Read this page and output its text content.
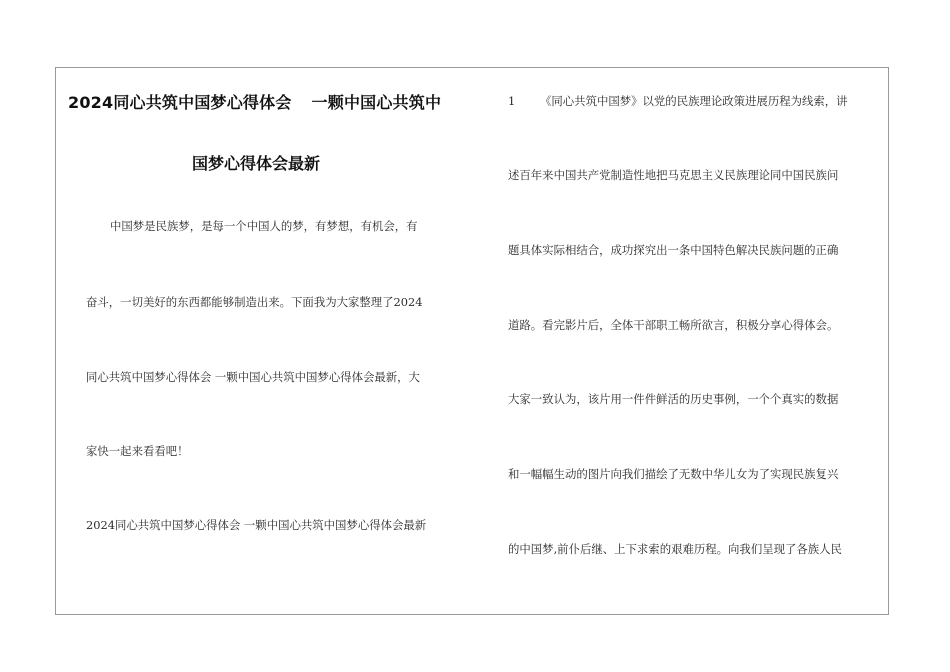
2024同心共筑中国梦心得体会 一颗中国心共筑中
国梦心得体会最新
中国梦是民族梦，是每一个中国人的梦，有梦想，有机会，有
奋斗，一切美好的东西都能够制造出来。下面我为大家整理了2024
同心共筑中国梦心得体会 一颗中国心共筑中国梦心得体会最新，大
家快一起来看看吧！
2024同心共筑中国梦心得体会 一颗中国心共筑中国梦心得体会最新
1 《同心共筑中国梦》以党的民族理论政策进展历程为线索，讲
述百年来中国共产党制造性地把马克思主义民族理论同中国民族问
题具体实际相结合，成功探究出一条中国特色解决民族问题的正确
道路。看完影片后，全体干部职工畅所欲言，积极分享心得体会。
大家一致认为，该片用一件件鲜活的历史事例，一个个真实的数据
和一幅幅生动的图片向我们描绘了无数中华儿女为了实现民族复兴
的中国梦,前仆后继、上下求索的艰难历程。向我们呈现了各族人民
